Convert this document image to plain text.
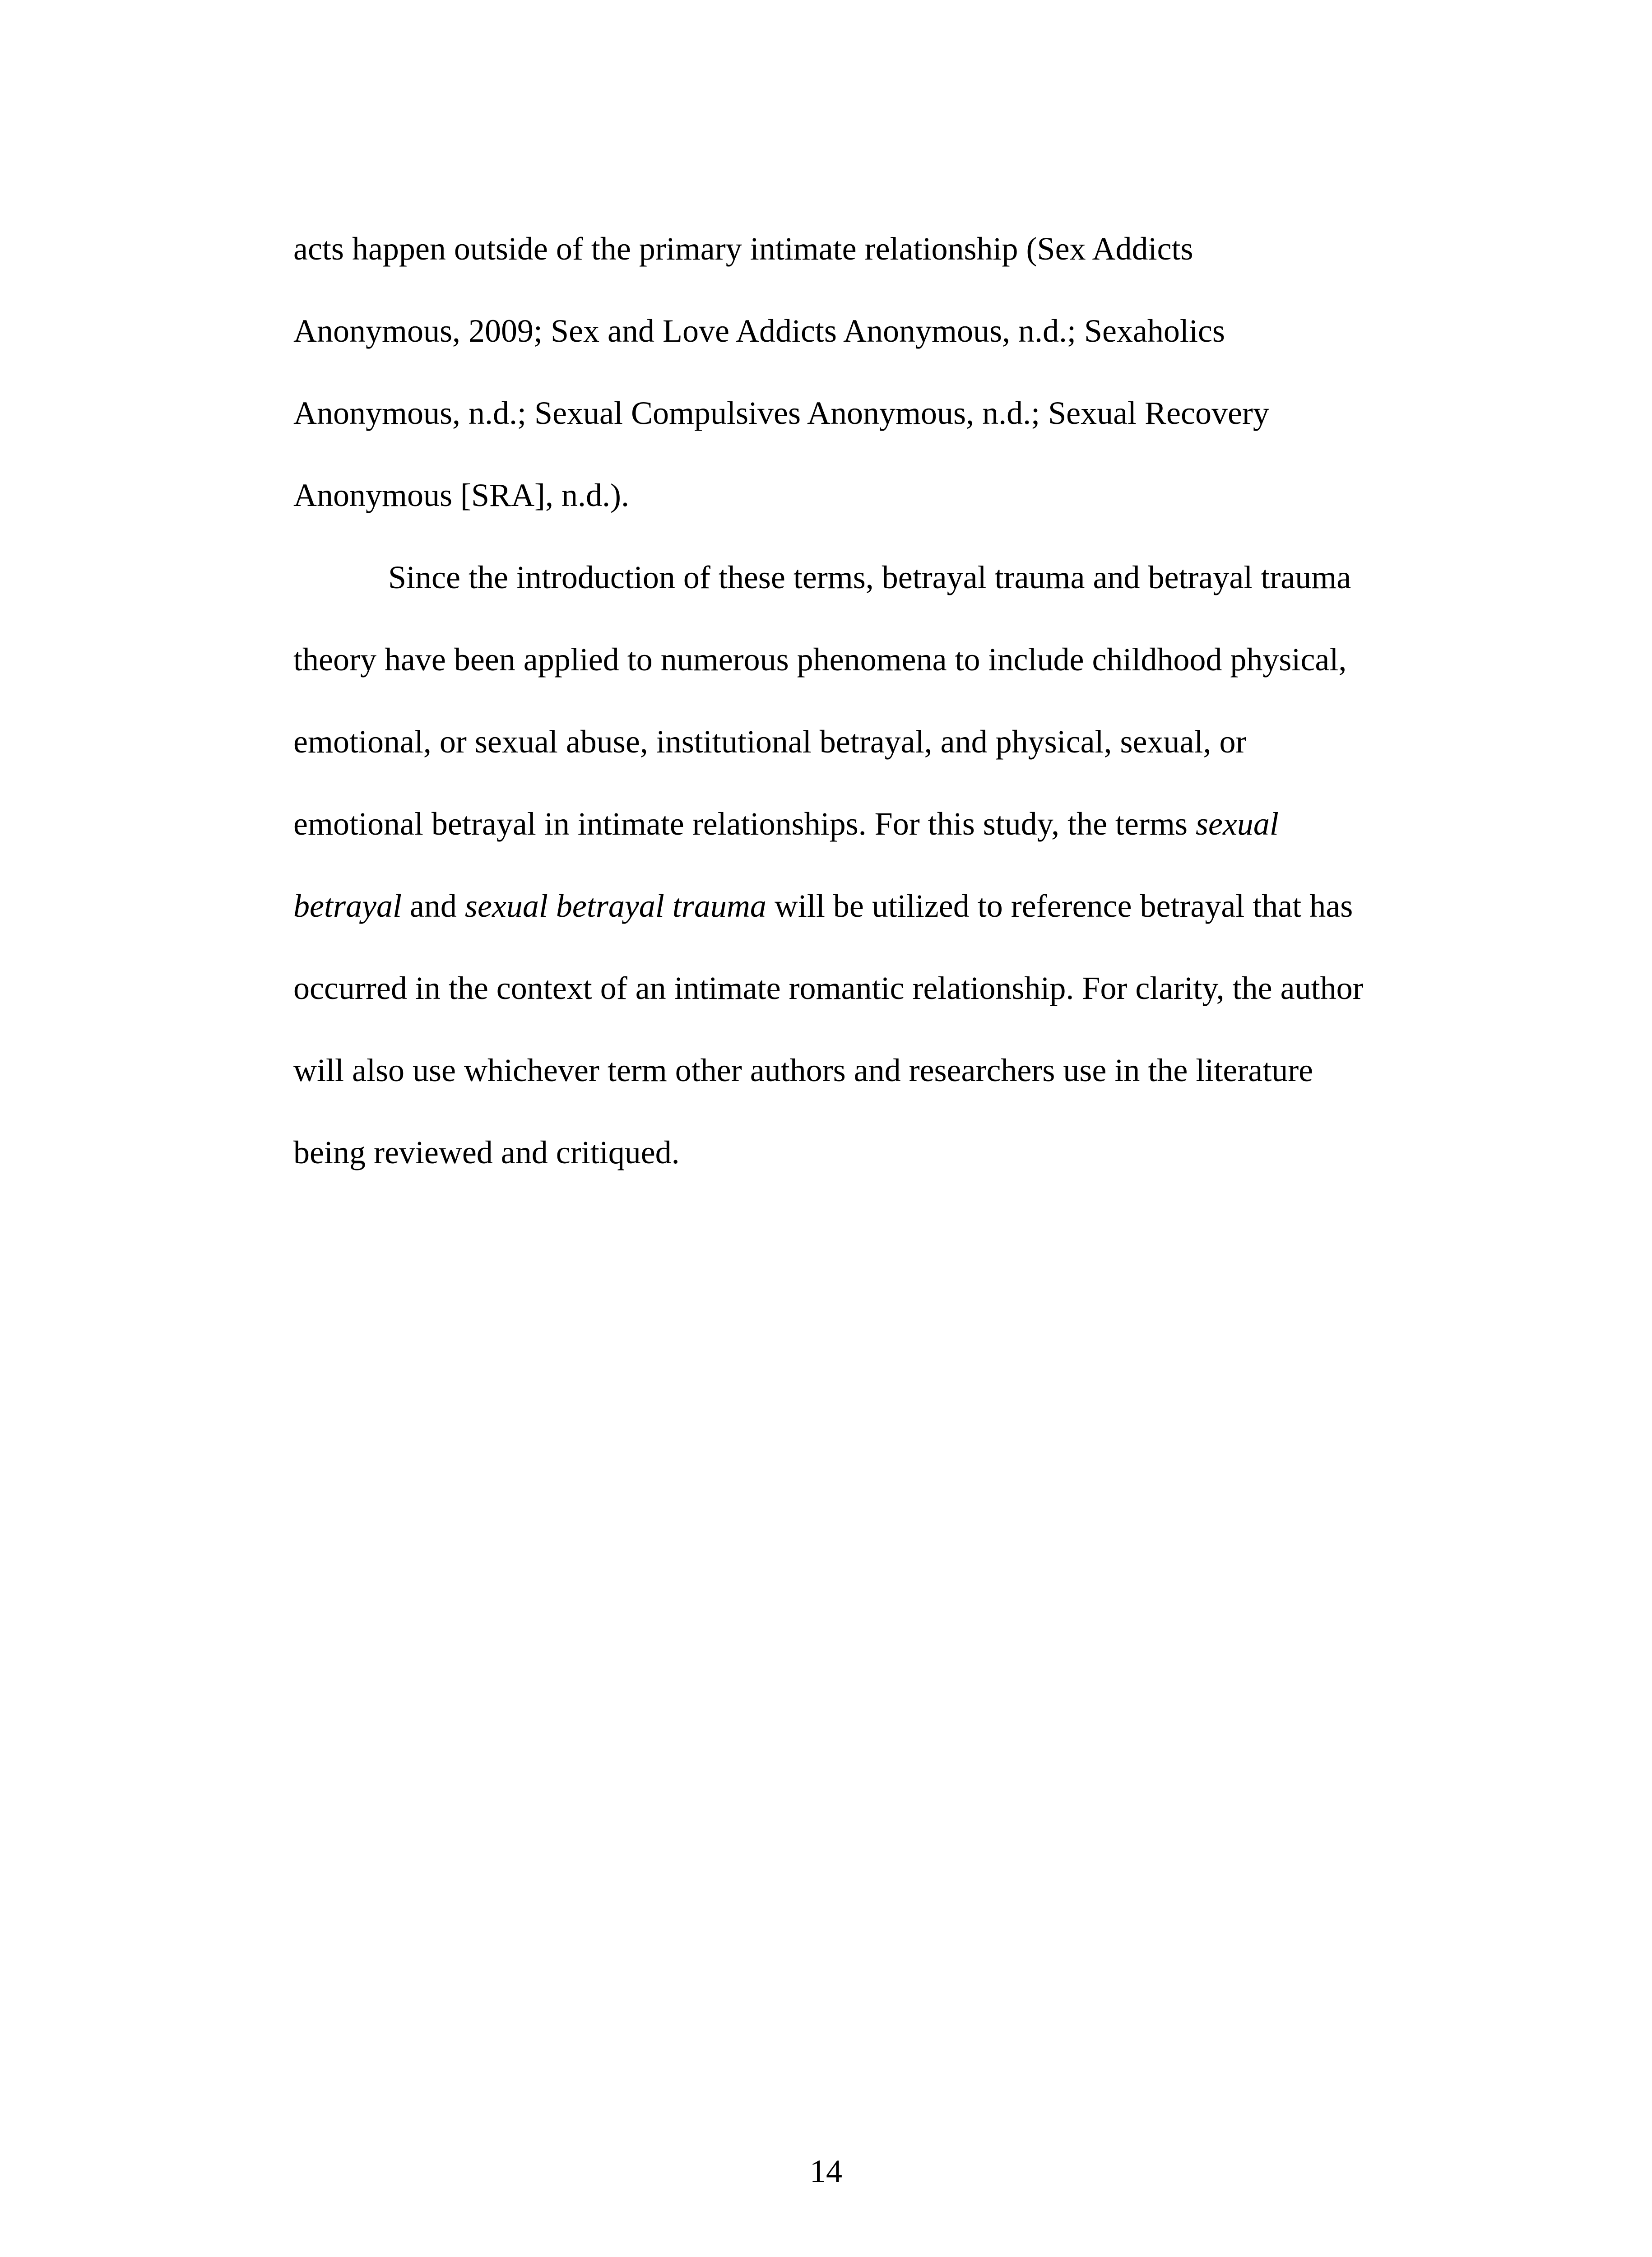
acts happen outside of the primary intimate relationship (Sex Addicts
Anonymous, 2009; Sex and Love Addicts Anonymous, n.d.; Sexaholics
Anonymous, n.d.; Sexual Compulsives Anonymous, n.d.; Sexual Recovery
Anonymous [SRA], n.d.).
Since the introduction of these terms, betrayal trauma and betrayal trauma
theory have been applied to numerous phenomena to include childhood physical,
emotional, or sexual abuse, institutional betrayal, and physical, sexual, or
emotional betrayal in intimate relationships. For this study, the terms sexual
betrayal and sexual betrayal trauma will be utilized to reference betrayal that has
occurred in the context of an intimate romantic relationship. For clarity, the author
will also use whichever term other authors and researchers use in the literature
being reviewed and critiqued.
14
